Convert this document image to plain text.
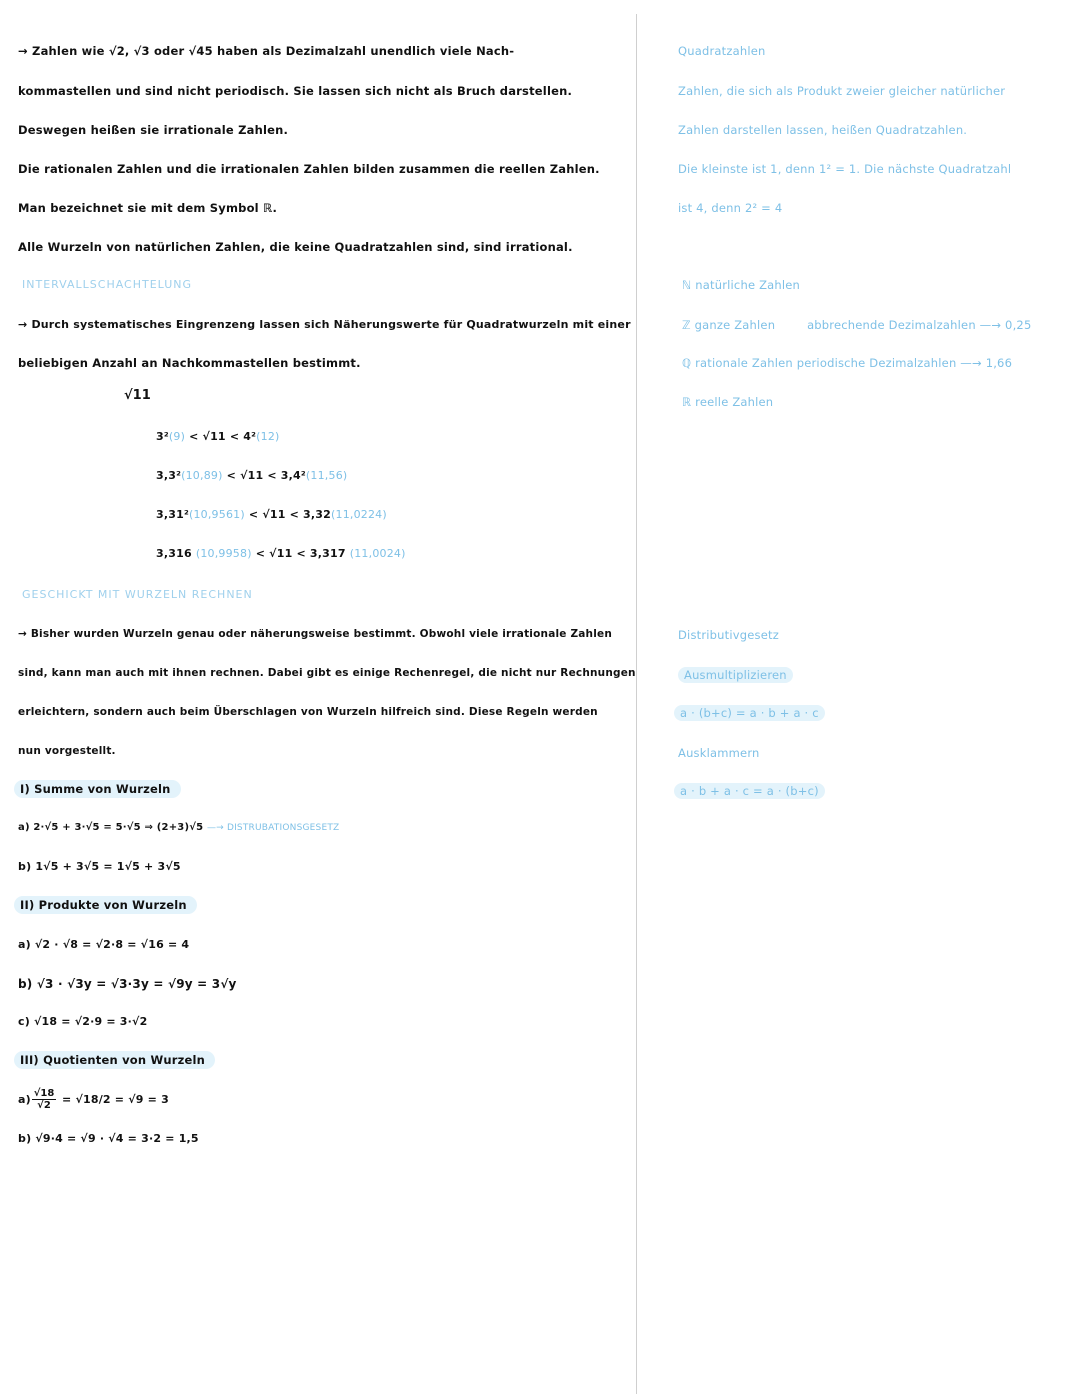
→ Zahlen wie √2, √3 oder √45 haben als Dezimalzahl unendlich viele Nach-
kommastellen und sind nicht periodisch. Sie lassen sich nicht als Bruch darstellen.
Deswegen heißen sie irrationale Zahlen.
Die rationalen Zahlen und die irrationalen Zahlen bilden zusammen die reellen Zahlen.
Man bezeichnet sie mit dem Symbol ℝ.
Alle Wurzeln von natürlichen Zahlen, die keine Quadratzahlen sind, sind irrational.
INTERVALLSCHACHTELUNG
→ Durch systematisches Eingrenzeng lassen sich Näherungswerte für Quadratwurzeln mit einer
beliebigen Anzahl an Nachkommastellen bestimmt.
√11
3²(9) < √11 < 4²(12)
3,3²(10,89) < √11 < 3,4²(11,56)
3,31²(10,9561) < √11 < 3,32(11,0224)
3,316 (10,9958) < √11 < 3,317 (11,0024)
GESCHICKT MIT WURZELN RECHNEN
→ Bisher wurden Wurzeln genau oder näherungsweise bestimmt. Obwohl viele irrationale Zahlen
sind, kann man auch mit ihnen rechnen. Dabei gibt es einige Rechenregel, die nicht nur Rechnungen
erleichtern, sondern auch beim Überschlagen von Wurzeln hilfreich sind. Diese Regeln werden
nun vorgestellt.
I) Summe von Wurzeln
a) 2·√5 + 3·√5 = 5·√5 ⇒ (2+3)√5 —→ DISTRUBATIONSGESETZ
b) 1√5 + 3√5 = 1√5 + 3√5
II) Produkte von Wurzeln
a) √2 · √8 = √2·8 = √16 = 4
b) √3 · √3y = √3·3y = √9y = 3√y
c) √18 = √2·9 = 3·√2
III) Quotienten von Wurzeln
$a) \frac{√18}{√2} = √18/2 = √9 = 3$
b) √9·4 = √9 · √4 = 3·2 = 1,5
Quadratzahlen
Zahlen, die sich als Produkt zweier gleicher natürlicher
Zahlen darstellen lassen, heißen Quadratzahlen.
Die kleinste ist 1, denn 1² = 1. Die nächste Quadratzahl
ist 4, denn 2² = 4
ℕ natürliche Zahlen
ℤ ganze Zahlen	abbrechende Dezimalzahlen —→ 0,25
ℚ rationale Zahlen periodische Dezimalzahlen —→ 1,66
ℝ reelle Zahlen
Distributivgesetz
Ausmultiplizieren
a · (b+c) = a · b + a · c
Ausklammern
a · b + a · c = a · (b+c)
